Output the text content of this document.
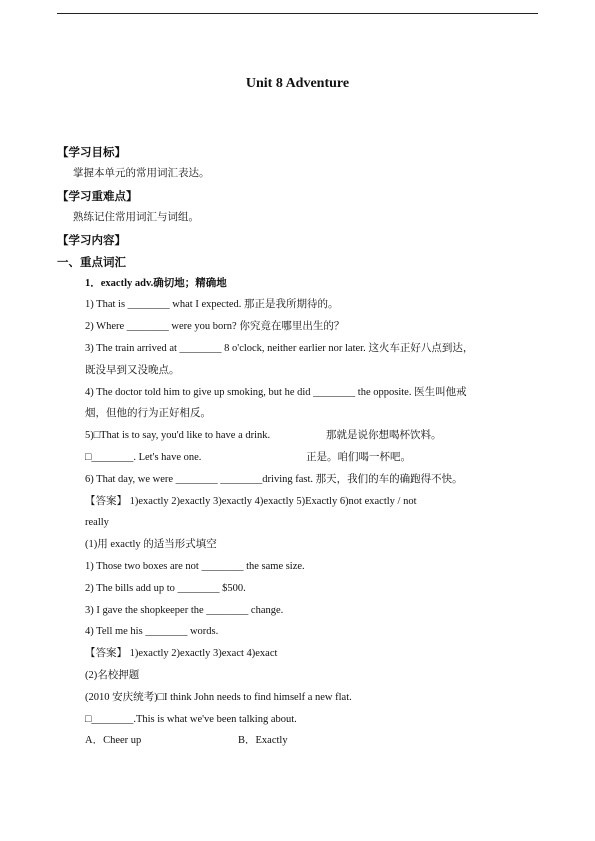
Unit 8 Adventure
【学习目标】
掌握本单元的常用词汇表达。
【学习重难点】
熟练记住常用词汇与词组。
【学习内容】
一、重点词汇
1．exactly adv.确切地；精确地
1) That is ________ what I expected. 那正是我所期待的。
2) Where ________ were you born? 你究竟在哪里出生的？
3) The train arrived at ________ 8 o'clock, neither earlier nor later. 这火车正好八点到达，
既没早到又没晚点。
4) The doctor told him to give up smoking, but he did ________ the opposite. 医生叫他戒
烟，但他的行为正好相反。
5)□That is to say, you'd like to have a drink.	那就是说你想喝杯饮料。
□________. Let's have one.	正是。咱们喝一杯吧。
6) That day, we were ________ ________driving fast. 那天，我们的车的确跑得不快。
【答案】 1)exactly 2)exactly 3)exactly 4)exactly 5)Exactly 6)not exactly / not
really
(1)用 exactly 的适当形式填空
1) Those two boxes are not ________ the same size.
2) The bills add up to ________ $500.
3) I gave the shopkeeper the ________ change.
4) Tell me his ________ words.
【答案】 1)exactly 2)exactly 3)exact 4)exact
(2)名校押题
(2010 安庆统考)□I think John needs to find himself a new flat.
□________.This is what we've been talking about.
A．Cheer up	B．Exactly
